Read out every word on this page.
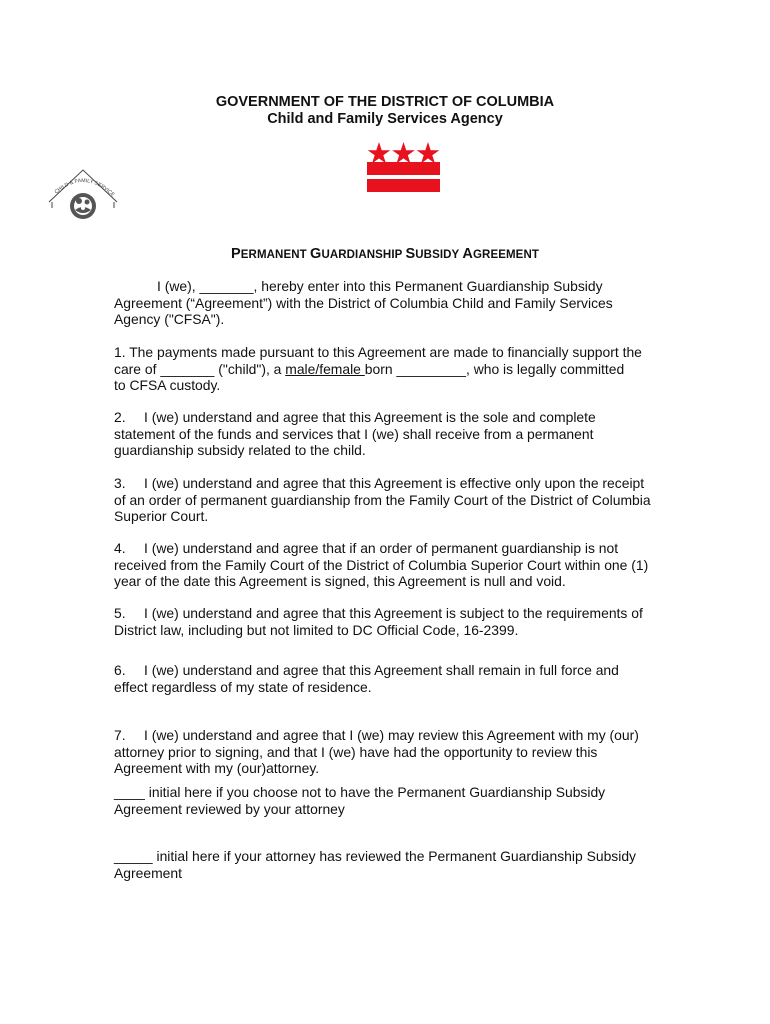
GOVERNMENT OF THE DISTRICT OF COLUMBIA
Child and Family Services Agency
CHILD & FAMILY SERVICE
PERMANENT GUARDIANSHIP SUBSIDY AGREEMENT

I (we), _______, hereby enter into this Permanent Guardianship Subsidy

Agreement (“Agreement”) with the District of Columbia Child and Family Services

Agency ("CFSA").

1. The payments made pursuant to this Agreement are made to financially support the

care of _______ ("child"), a male/female born _________, who is legally committed

to CFSA custody.

2. I (we) understand and agree that this Agreement is the sole and complete

statement of the funds and services that I (we) shall receive from a permanent

guardianship subsidy related to the child.

3. I (we) understand and agree that this Agreement is effective only upon the receipt

of an order of permanent guardianship from the Family Court of the District of Columbia

Superior Court.

4. I (we) understand and agree that if an order of permanent guardianship is not

received from the Family Court of the District of Columbia Superior Court within one (1)

year of the date this Agreement is signed, this Agreement is null and void.

5. I (we) understand and agree that this Agreement is subject to the requirements of

District law, including but not limited to DC Official Code, 16-2399.

6. I (we) understand and agree that this Agreement shall remain in full force and

effect regardless of my state of residence.

7. I (we) understand and agree that I (we) may review this Agreement with my (our)

attorney prior to signing, and that I (we) have had the opportunity to review this

Agreement with my (our)attorney.

____ initial here if you choose not to have the Permanent Guardianship Subsidy

Agreement reviewed by your attorney

_____ initial here if your attorney has reviewed the Permanent Guardianship Subsidy

Agreement
